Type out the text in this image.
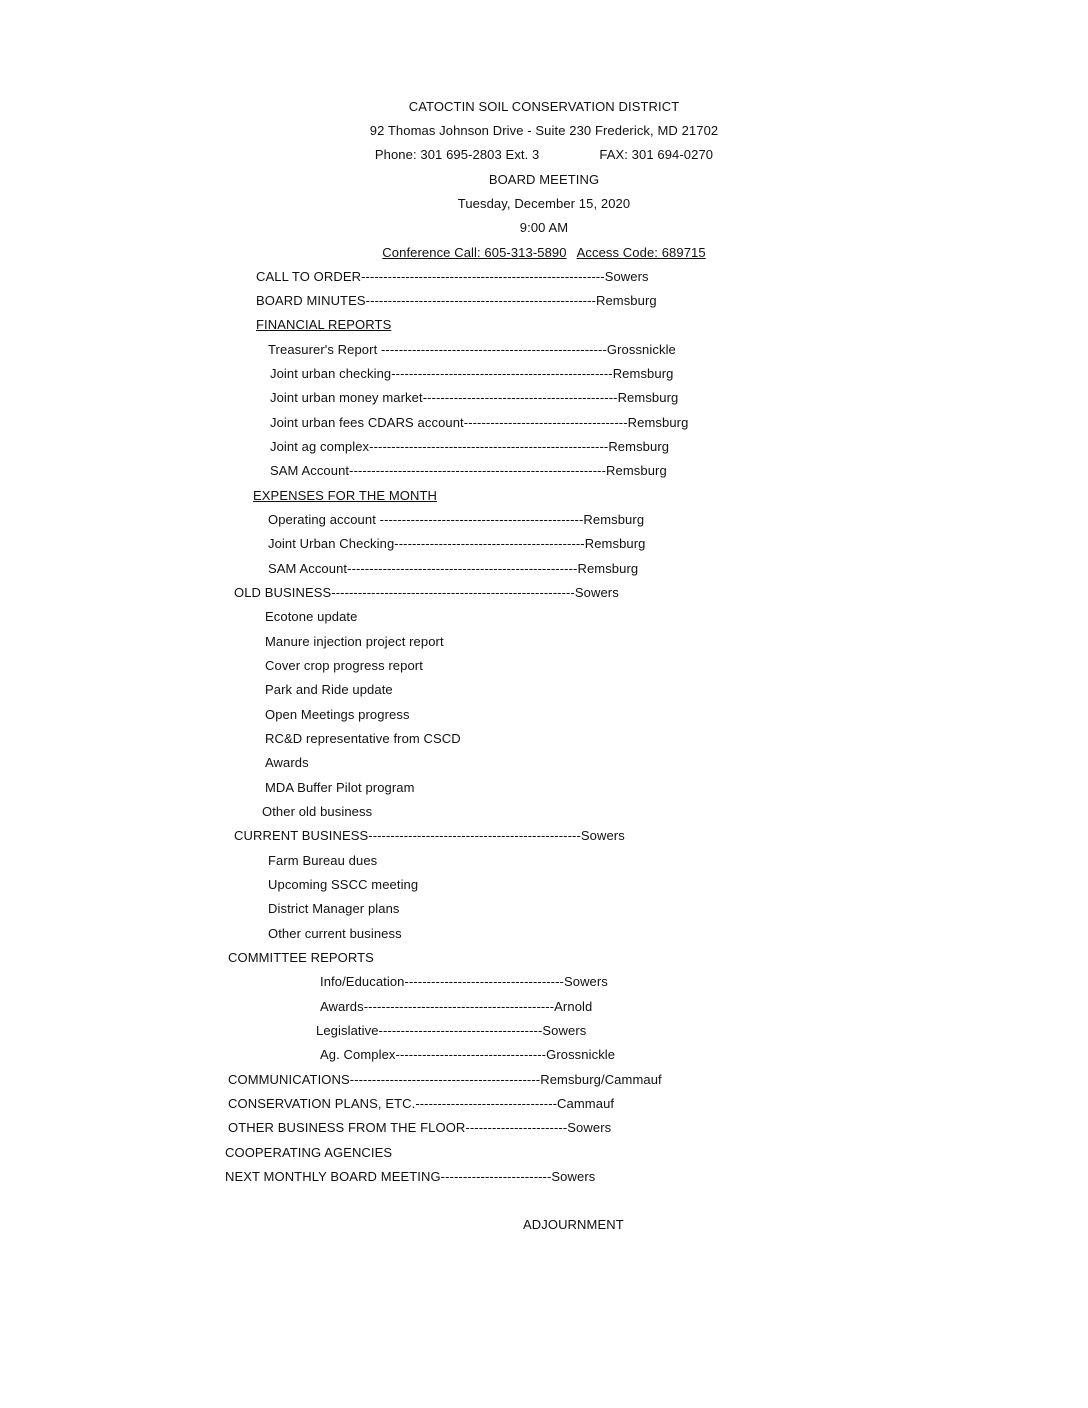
CATOCTIN SOIL CONSERVATION DISTRICT
92 Thomas Johnson Drive - Suite 230 Frederick, MD 21702
Phone: 301 695-2803 Ext. 3	FAX: 301 694-0270
BOARD MEETING
Tuesday, December 15, 2020
9:00 AM
Conference Call: 605-313-5890 Access Code: 689715
CALL TO ORDER-------------------------------------------------------Sowers
BOARD MINUTES----------------------------------------------------Remsburg
FINANCIAL REPORTS
Treasurer's Report ---------------------------------------------------Grossnickle
Joint urban checking--------------------------------------------------Remsburg
Joint urban money market--------------------------------------------Remsburg
Joint urban fees CDARS account-------------------------------------Remsburg
Joint ag complex------------------------------------------------------Remsburg
SAM Account----------------------------------------------------------Remsburg
EXPENSES FOR THE MONTH
Operating account ----------------------------------------------Remsburg
Joint Urban Checking-------------------------------------------Remsburg
SAM Account----------------------------------------------------Remsburg
OLD BUSINESS-------------------------------------------------------Sowers
Ecotone update
Manure injection project report
Cover crop progress report
Park and Ride update
Open Meetings progress
RC&D representative from CSCD
Awards
MDA Buffer Pilot program
Other old business
CURRENT BUSINESS------------------------------------------------Sowers
Farm Bureau dues
Upcoming SSCC meeting
District Manager plans
Other current business
COMMITTEE REPORTS
Info/Education------------------------------------Sowers
Awards-------------------------------------------Arnold
Legislative-------------------------------------Sowers
Ag. Complex----------------------------------Grossnickle
COMMUNICATIONS-------------------------------------------Remsburg/Cammauf
CONSERVATION PLANS, ETC.--------------------------------Cammauf
OTHER BUSINESS FROM THE FLOOR-----------------------Sowers
COOPERATING AGENCIES
NEXT MONTHLY BOARD MEETING-------------------------Sowers
ADJOURNMENT
